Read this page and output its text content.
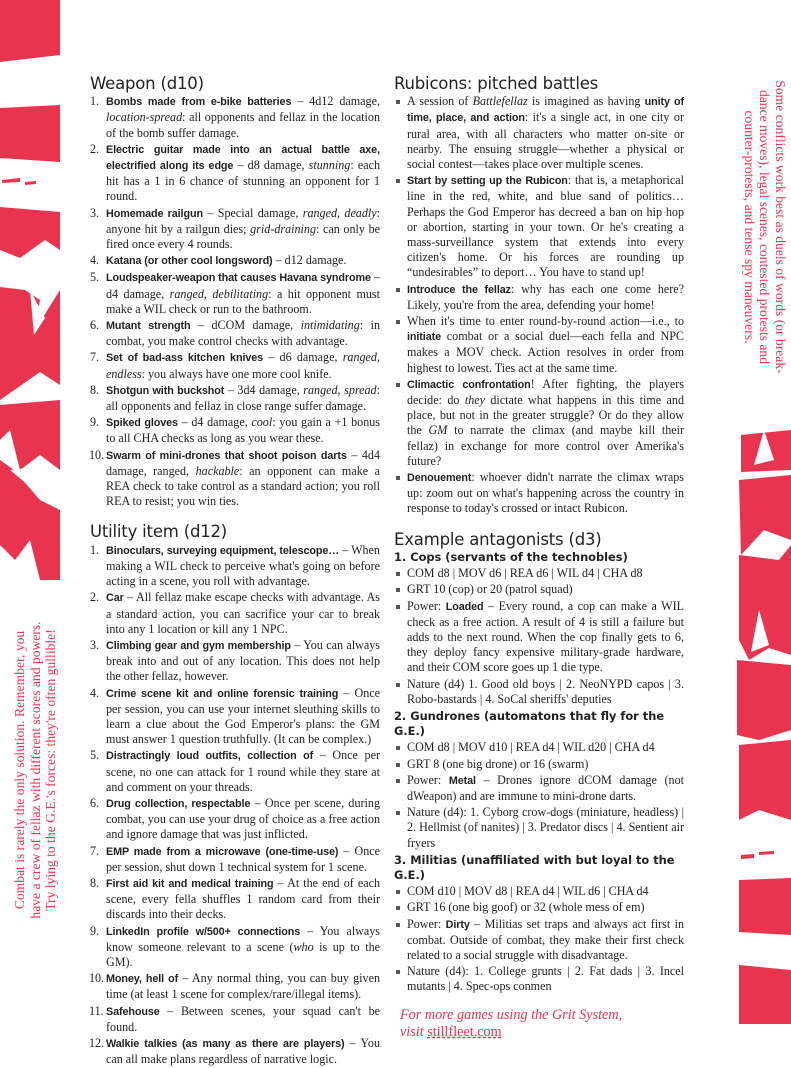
Some conflicts work best as duels of words (or break-
dance moves), legal scenes, contested protests and
counter-protests, and tense spy maneuvers.
Combat is rarely the only solution. Remember, you have a crew of fellaz with different scores and powers. Try lying to the G.E.'s forces: they're often gullible!
Weapon (d10)
1. Bombs made from e-bike batteries – 4d12 damage, location-spread: all opponents and fellaz in the location of the bomb suffer damage.
2. Electric guitar made into an actual battle axe, electrified along its edge – d8 damage, stunning: each hit has a 1 in 6 chance of stunning an opponent for 1 round.
3. Homemade railgun – Special damage, ranged, deadly: anyone hit by a railgun dies; grid-draining: can only be fired once every 4 rounds.
4. Katana (or other cool longsword) – d12 damage.
5. Loudspeaker-weapon that causes Havana syndrome – d4 damage, ranged, debilitating: a hit opponent must make a WIL check or run to the bathroom.
6. Mutant strength – dCOM damage, intimidating: in combat, you make control checks with advantage.
7. Set of bad-ass kitchen knives – d6 damage, ranged, endless: you always have one more cool knife.
8. Shotgun with buckshot – 3d4 damage, ranged, spread: all opponents and fellaz in close range suffer damage.
9. Spiked gloves – d4 damage, cool: you gain a +1 bonus to all CHA checks as long as you wear these.
10. Swarm of mini-drones that shoot poison darts – 4d4 damage, ranged, hackable: an opponent can make a REA check to take control as a standard action; you roll REA to resist; you win ties.
Utility item (d12)
1. Binoculars, surveying equipment, telescope… – When making a WIL check to perceive what's going on before acting in a scene, you roll with advantage.
2. Car – All fellaz make escape checks with advantage. As a standard action, you can sacrifice your car to break into any 1 location or kill any 1 NPC.
3. Climbing gear and gym membership – You can always break into and out of any location. This does not help the other fellaz, however.
4. Crime scene kit and online forensic training – Once per session, you can use your internet sleuthing skills to learn a clue about the God Emperor's plans: the GM must answer 1 question truthfully. (It can be complex.)
5. Distractingly loud outfits, collection of – Once per scene, no one can attack for 1 round while they stare at and comment on your threads.
6. Drug collection, respectable – Once per scene, during combat, you can use your drug of choice as a free action and ignore damage that was just inflicted.
7. EMP made from a microwave (one-time-use) – Once per session, shut down 1 technical system for 1 scene.
8. First aid kit and medical training – At the end of each scene, every fella shuffles 1 random card from their discards into their decks.
9. LinkedIn profile w/500+ connections – You always know someone relevant to a scene (who is up to the GM).
10. Money, hell of – Any normal thing, you can buy given time (at least 1 scene for complex/rare/illegal items).
11. Safehouse – Between scenes, your squad can't be found.
12. Walkie talkies (as many as there are players) – You can all make plans regardless of narrative logic.
Rubicons: pitched battles
A session of Battlefellaz is imagined as having unity of time, place, and action: it's a single act, in one city or rural area, with all characters who matter on-site or nearby. The ensuing struggle—whether a physical or social contest—takes place over multiple scenes.
Start by setting up the Rubicon: that is, a metaphorical line in the red, white, and blue sand of politics… Perhaps the God Emperor has decreed a ban on hip hop or abortion, starting in your town. Or he's creating a mass-surveillance system that extends into every citizen's home. Or his forces are rounding up “undesirables” to deport… You have to stand up!
Introduce the fellaz: why has each one come here? Likely, you're from the area, defending your home!
When it's time to enter round-by-round action—i.e., to initiate combat or a social duel—each fella and NPC makes a MOV check. Action resolves in order from highest to lowest. Ties act at the same time.
Climactic confrontation! After fighting, the players decide: do they dictate what happens in this time and place, but not in the greater struggle? Or do they allow the GM to narrate the climax (and maybe kill their fellaz) in exchange for more control over Amerika's future?
Denouement: whoever didn't narrate the climax wraps up: zoom out on what's happening across the country in response to today's crossed or intact Rubicon.
Example antagonists (d3)
1. Cops (servants of the technobles)
COM d8 | MOV d6 | REA d6 | WIL d4 | CHA d8
GRT 10 (cop) or 20 (patrol squad)
Power: Loaded – Every round, a cop can make a WIL check as a free action. A result of 4 is still a failure but adds to the next round. When the cop finally gets to 6, they deploy fancy expensive military-grade hardware, and their COM score goes up 1 die type.
Nature (d4) 1. Good old boys | 2. NeoNYPD capos | 3. Robo-bastards | 4. SoCal sheriffs' deputies
2. Gundrones (automatons that fly for the G.E.)
COM d8 | MOV d10 | REA d4 | WIL d20 | CHA d4
GRT 8 (one big drone) or 16 (swarm)
Power: Metal – Drones ignore dCOM damage (not dWeapon) and are immune to mini-drone darts.
Nature (d4): 1. Cyborg crow-dogs (miniature, headless) | 2. Hellmist (of nanites) | 3. Predator discs | 4. Sentient air fryers
3. Militias (unaffiliated with but loyal to the G.E.)
COM d10 | MOV d8 | REA d4 | WIL d6 | CHA d4
GRT 16 (one big goof) or 32 (whole mess of em)
Power: Dirty – Militias set traps and always act first in combat. Outside of combat, they make their first check related to a social struggle with disadvantage.
Nature (d4): 1. College grunts | 2. Fat dads | 3. Incel mutants | 4. Spec-ops conmen
For more games using the Grit System,
visit stillfleet.com
